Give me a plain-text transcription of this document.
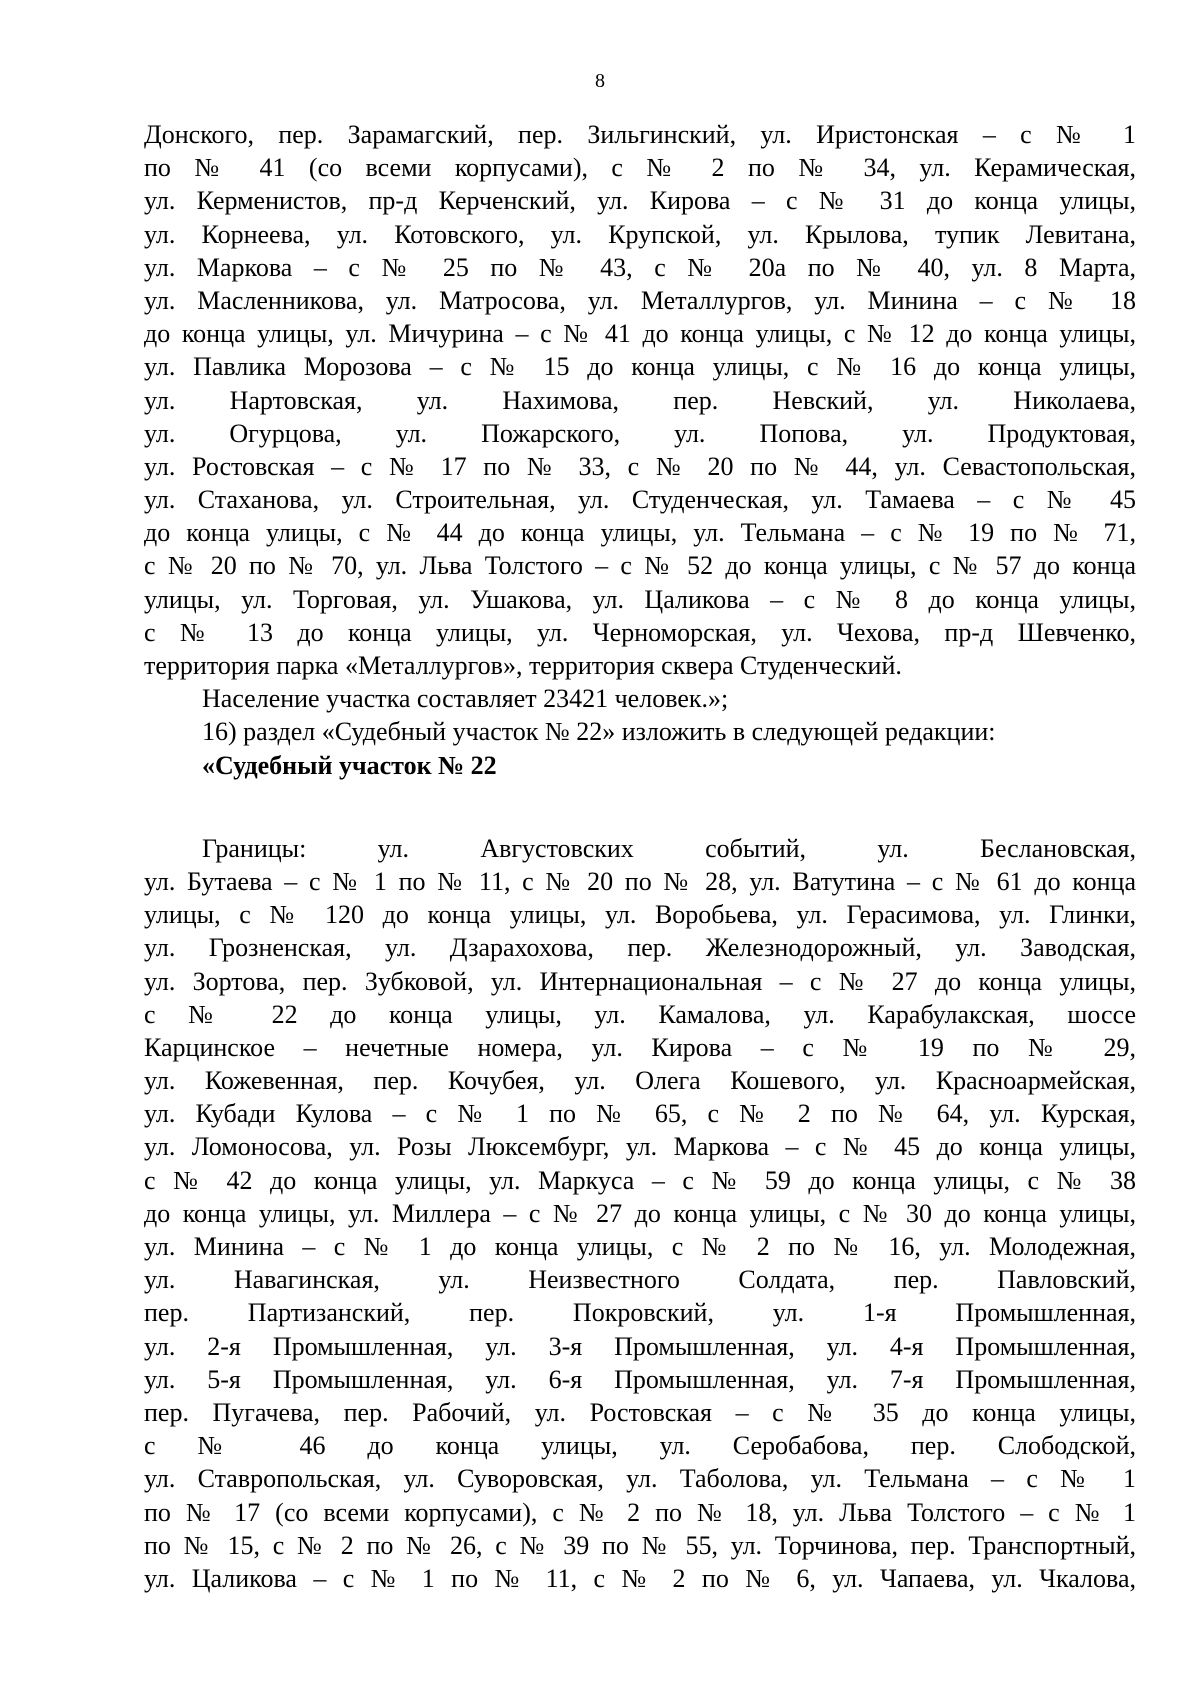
8
Донского, пер. Зарамагский, пер. Зильгинский, ул. Иристонская – с № 1
по № 41 (со всеми корпусами), с № 2 по № 34, ул. Керамическая,
ул. Керменистов, пр-д Керченский, ул. Кирова – с № 31 до конца улицы,
ул. Корнеева, ул. Котовского, ул. Крупской, ул. Крылова, тупик Левитана,
ул. Маркова – с № 25 по № 43, с № 20а по № 40, ул. 8 Марта,
ул. Масленникова, ул. Матросова, ул. Металлургов, ул. Минина – с № 18
до конца улицы, ул. Мичурина – с № 41 до конца улицы, с № 12 до конца улицы,
ул. Павлика Морозова – с № 15 до конца улицы, с № 16 до конца улицы,
ул. Нартовская, ул. Нахимова, пер. Невский, ул. Николаева,
ул. Огурцова, ул. Пожарского, ул. Попова, ул. Продуктовая,
ул. Ростовская – с № 17 по № 33, с № 20 по № 44, ул. Севастопольская,
ул. Стаханова, ул. Строительная, ул. Студенческая, ул. Тамаева – с № 45
до конца улицы, с № 44 до конца улицы, ул. Тельмана – с № 19 по № 71,
с № 20 по № 70, ул. Льва Толстого – с № 52 до конца улицы, с № 57 до конца
улицы, ул. Торговая, ул. Ушакова, ул. Цаликова – с № 8 до конца улицы,
с № 13 до конца улицы, ул. Черноморская, ул. Чехова, пр-д Шевченко,
территория парка «Металлургов», территория сквера Студенческий.
Население участка составляет 23421 человек.»;
16) раздел «Судебный участок № 22» изложить в следующей редакции:
«Судебный участок № 22
Границы: ул. Августовских событий, ул. Беслановская,
ул. Бутаева – с № 1 по № 11, с № 20 по № 28, ул. Ватутина – с № 61 до конца
улицы, с № 120 до конца улицы, ул. Воробьева, ул. Герасимова, ул. Глинки,
ул. Грозненская, ул. Дзарахохова, пер. Железнодорожный, ул. Заводская,
ул. Зортова, пер. Зубковой, ул. Интернациональная – с № 27 до конца улицы,
с № 22 до конца улицы, ул. Камалова, ул. Карабулакская, шоссе
Карцинское – нечетные номера, ул. Кирова – с № 19 по № 29,
ул. Кожевенная, пер. Кочубея, ул. Олега Кошевого, ул. Красноармейская,
ул. Кубади Кулова – с № 1 по № 65, с № 2 по № 64, ул. Курская,
ул. Ломоносова, ул. Розы Люксембург, ул. Маркова – с № 45 до конца улицы,
с № 42 до конца улицы, ул. Маркуса – с № 59 до конца улицы, с № 38
до конца улицы, ул. Миллера – с № 27 до конца улицы, с № 30 до конца улицы,
ул. Минина – с № 1 до конца улицы, с № 2 по № 16, ул. Молодежная,
ул. Навагинская, ул. Неизвестного Солдата, пер. Павловский,
пер. Партизанский, пер. Покровский, ул. 1-я Промышленная,
ул. 2-я Промышленная, ул. 3-я Промышленная, ул. 4-я Промышленная,
ул. 5-я Промышленная, ул. 6-я Промышленная, ул. 7-я Промышленная,
пер. Пугачева, пер. Рабочий, ул. Ростовская – с № 35 до конца улицы,
с № 46 до конца улицы, ул. Серобабова, пер. Слободской,
ул. Ставропольская, ул. Суворовская, ул. Таболова, ул. Тельмана – с № 1
по № 17 (со всеми корпусами), с № 2 по № 18, ул. Льва Толстого – с № 1
по № 15, с № 2 по № 26, с № 39 по № 55, ул. Торчинова, пер. Транспортный,
ул. Цаликова – с № 1 по № 11, с № 2 по № 6, ул. Чапаева, ул. Чкалова,
